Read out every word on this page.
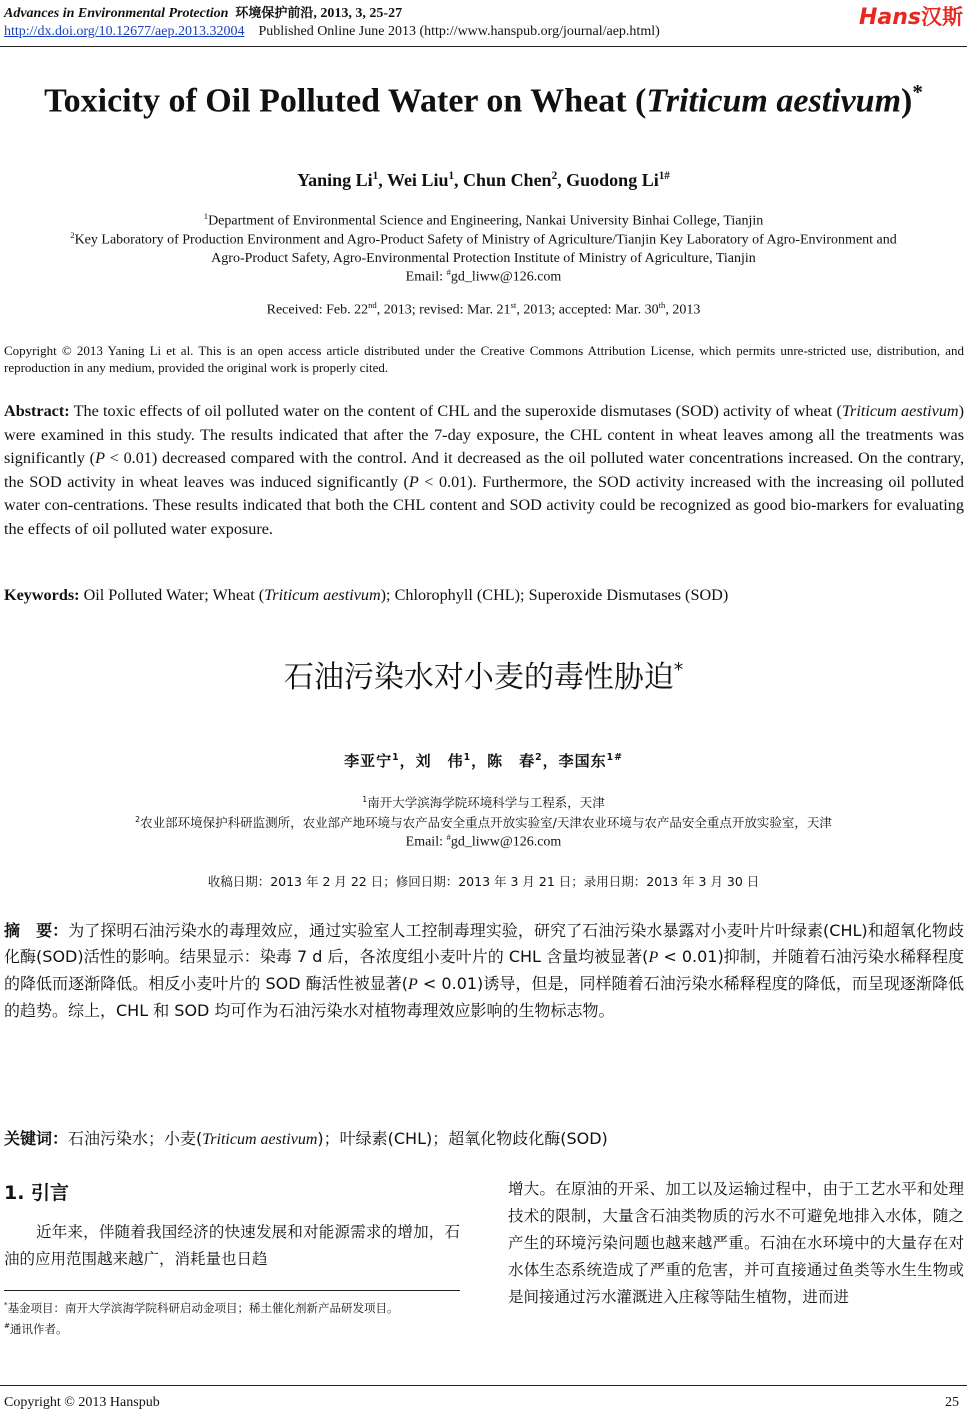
Advances in Environmental Protection 环境保护前沿, 2013, 3, 25-27
http://dx.doi.org/10.12677/aep.2013.32004 Published Online June 2013 (http://www.hanspub.org/journal/aep.html)
Hans汉斯
Toxicity of Oil Polluted Water on Wheat (Triticum aestivum)*
Yaning Li$^1$, Wei Liu$^1$, Chun Chen$^2$, Guodong $Li^{1\#}$
$^1$Department of Environmental Science and Engineering, Nankai University Binhai College, Tianjin
$^2$Key Laboratory of Production Environment and Agro-Product Safety of Ministry of Agriculture/Tianjin Key Laboratory of Agro-Environment and
Agro-Product Safety, Agro-Environmental Protection Institute of Ministry of Agriculture, Tianjin
Email: #gd_liww@126.com
Received: Feb. 22nd, 2013; revised: Mar. 21st, 2013; accepted: Mar. 30th, 2013
Copyright © 2013 Yaning Li et al. This is an open access article distributed under the Creative Commons Attribution License, which permits unre-stricted use, distribution, and reproduction in any medium, provided the original work is properly cited.
Abstract: The toxic effects of oil polluted water on the content of CHL and the superoxide dismutases (SOD) activity of wheat (Triticum aestivum) were examined in this study. The results indicated that after the 7-day exposure, the CHL content in wheat leaves among all the treatments was significantly (P < 0.01) decreased compared with the control. And it decreased as the oil polluted water concentrations increased. On the contrary, the SOD activity in wheat leaves was induced significantly (P < 0.01). Furthermore, the SOD activity increased with the increasing oil polluted water con-centrations. These results indicated that both the CHL content and SOD activity could be recognized as good bio-markers for evaluating the effects of oil polluted water exposure.
Keywords: Oil Polluted Water; Wheat (Triticum aestivum); Chlorophyll (CHL); Superoxide Dismutases (SOD)
石油污染水对小麦的毒性胁迫*
李亚宁$^1$，刘　伟$^1$，陈　春$^2$，李国东$^{1\#}$
$^1$南开大学滨海学院环境科学与工程系，天津
$^2$农业部环境保护科研监测所，农业部产地环境与农产品安全重点开放实验室/天津农业环境与农产品安全重点开放实验室，天津
Email: #gd_liww@126.com
收稿日期：2013 年 2 月 22 日；修回日期：2013 年 3 月 21 日；录用日期：2013 年 3 月 30 日
摘　要：为了探明石油污染水的毒理效应，通过实验室人工控制毒理实验，研究了石油污染水暴露对小麦叶片叶绿素(CHL)和超氧化物歧化酶(SOD)活性的影响。结果显示：染毒 7 d 后，各浓度组小麦叶片的 CHL 含量均被显著(P < 0.01)抑制，并随着石油污染水稀释程度的降低而逐渐降低。相反小麦叶片的 SOD 酶活性被显著(P < 0.01)诱导，但是，同样随着石油污染水稀释程度的降低，而呈现逐渐降低的趋势。综上，CHL 和 SOD 均可作为石油污染水对植物毒理效应影响的生物标志物。
关键词：石油污染水；小麦(Triticum aestivum)；叶绿素(CHL)；超氧化物歧化酶(SOD)
1. 引言
近年来，伴随着我国经济的快速发展和对能源需求的增加，石油的应用范围越来越广，消耗量也日趋
增大。在原油的开采、加工以及运输过程中，由于工艺水平和处理技术的限制，大量含石油类物质的污水不可避免地排入水体，随之产生的环境污染问题也越来越严重。石油在水环境中的大量存在对水体生态系统造成了严重的危害，并可直接通过鱼类等水生生物或是间接通过污水灌溉进入庄稼等陆生植物，进而进
*基金项目：南开大学滨海学院科研启动金项目；稀土催化剂新产品研发项目。
#通讯作者。
Copyright © 2013 Hanspub	25
